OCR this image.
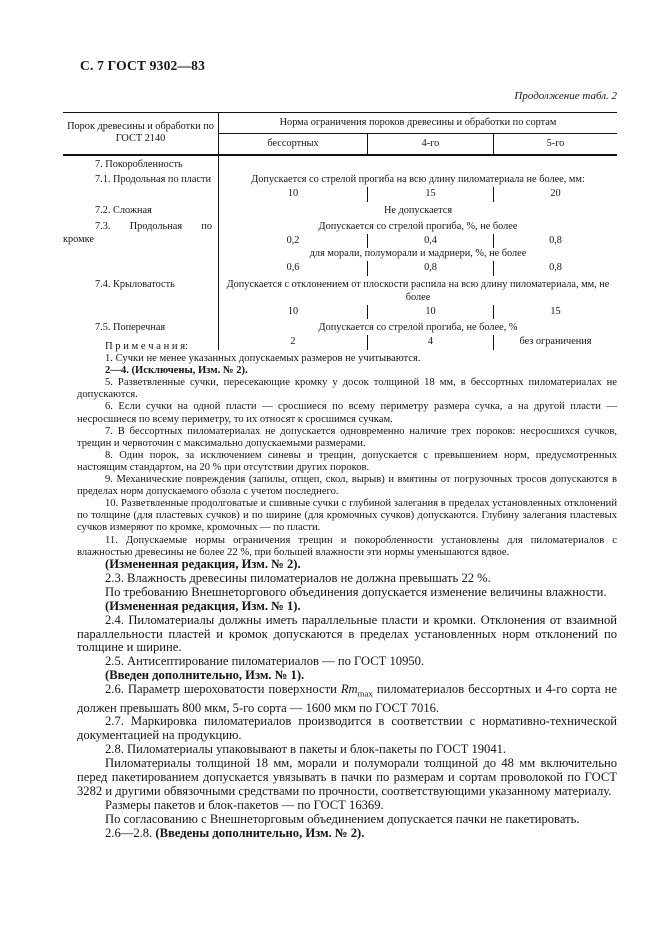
С. 7 ГОСТ 9302—83
Продолжение табл. 2
Порок древесины и обработки по ГОСТ 2140
Норма ограничения пороков древесины и обработки по сортам
бессортных	4-го	5-го
7. Покоробленность
7.1. Продольная по пласти	Допускается со стрелой прогиба на всю длину пиломатериала не более, мм:
10	15	20
7.2. Сложная	Не допускается
7.3. Продольная по кромке
Допускается со стрелой прогиба, %, не более
0,2	0,4	0,8
для морали, полуморали и мадриери, %, не более
0,6	0,8	0,8
7.4. Крыловатость	Допускается с отклонением от плоскости распила на всю длину пиломатериала, мм, не более
10	10	15
7.5. Поперечная	Допускается со стрелой прогиба, не более, %
2	4	без ограничения

П р и м е ч а н и я:

1. Сучки не менее указанных допускаемых размеров не учитываются.

2—4. (Исключены, Изм. № 2).

5. Разветвленные сучки, пересекающие кромку у досок толщиной 18 мм, в бессортных пиломатериалах не допускаются.

6. Если сучки на одной пласти — сросшиеся по всему периметру размера сучка, а на другой пласти — несросшиеся по всему периметру, то их относят к сросшимся сучкам.

7. В бессортных пиломатериалах не допускается одновременно наличие трех пороков: несросшихся сучков, трещин и червоточин с максимально допускаемыми размерами.

8. Один порок, за исключением синевы и трещин, допускается с превышением норм, предусмотренных настоящим стандартом, на 20 % при отсутствии других пороков.

9. Механические повреждения (запилы, отщеп, скол, вырыв) и вмятины от погрузочных тросов допускаются в пределах норм допускаемого обзола с учетом последнего.

10. Разветвленные продолговатые и сшивные сучки с глубиной залегания в пределах установленных отклонений по толщине (для пластевых сучков) и по ширине (для кромочных сучков) допускаются. Глубину залегания пластевых сучков измеряют по кромке, кромочных — по пласти.

11. Допускаемые нормы ограничения трещин и покоробленности установлены для пиломатериалов с влажностью древесины не более 22 %, при большей влажности эти нормы уменьшаются вдвое.

(Измененная редакция, Изм. № 2).

2.3. Влажность древесины пиломатериалов не должна превышать 22 %.

По требованию Внешнеторгового объединения допускается изменение величины влажности.

(Измененная редакция, Изм. № 1).

2.4. Пиломатериалы должны иметь параллельные пласти и кромки. Отклонения от взаимной параллельности пластей и кромок допускаются в пределах установленных норм отклонений по толщине и ширине.

2.5. Антисептирование пиломатериалов — по ГОСТ 10950.

(Введен дополнительно, Изм. № 1).

2.6. Параметр шероховатости поверхности $Rm_{max}$ пиломатериалов бессортных и 4-го сорта не должен превышать 800 мкм, 5-го сорта — 1600 мкм по ГОСТ 7016.

2.7. Маркировка пиломатериалов производится в соответствии с нормативно-технической документацией на продукцию.

2.8. Пиломатериалы упаковывают в пакеты и блок-пакеты по ГОСТ 19041.

Пиломатериалы толщиной 18 мм, морали и полуморали толщиной до 48 мм включительно перед пакетированием допускается увязывать в пачки по размерам и сортам проволокой по ГОСТ 3282 и другими обвязочными средствами по прочности, соответствующими указанному материалу.

Размеры пакетов и блок-пакетов — по ГОСТ 16369.

По согласованию с Внешнеторговым объединением допускается пачки не пакетировать.

2.6—2.8. (Введены дополнительно, Изм. № 2).
